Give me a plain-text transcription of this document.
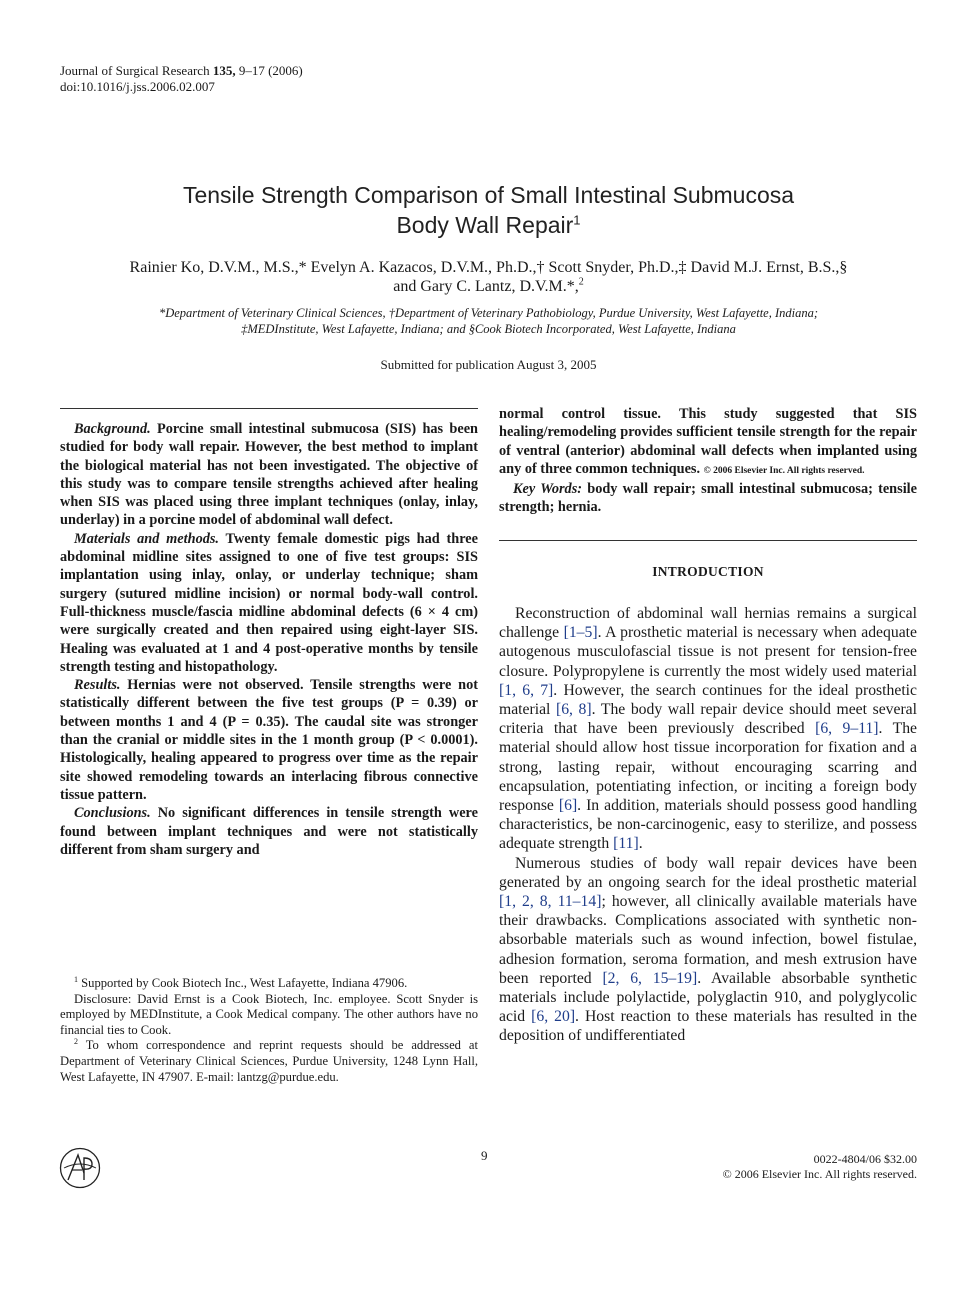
Journal of Surgical Research 135, 9–17 (2006)
doi:10.1016/j.jss.2006.02.007
Tensile Strength Comparison of Small Intestinal Submucosa
Body Wall Repair$^1$
Rainier Ko, D.V.M., M.S.,* Evelyn A. Kazacos, D.V.M., Ph.D.,† Scott Snyder, Ph.D.,‡ David M.J. Ernst, B.S.,§
and Gary C. Lantz, D.V.M.*,$^2$
*Department of Veterinary Clinical Sciences, †Department of Veterinary Pathobiology, Purdue University, West Lafayette, Indiana;
‡MEDInstitute, West Lafayette, Indiana; and §Cook Biotech Incorporated, West Lafayette, Indiana
Submitted for publication August 3, 2005

Background. Porcine small intestinal submucosa (SIS) has been studied for body wall repair. However, the best method to implant the biological material has not been investigated. The objective of this study was to compare tensile strengths achieved after healing when SIS was placed using three implant techniques (onlay, inlay, underlay) in a porcine model of abdominal wall defect.

Materials and methods. Twenty female domestic pigs had three abdominal midline sites assigned to one of five test groups: SIS implantation using inlay, onlay, or underlay technique; sham surgery (sutured midline incision) or normal body-wall control. Full-thickness muscle/fascia midline abdominal defects (6 × 4 cm) were surgically created and then repaired using eight-layer SIS. Healing was evaluated at 1 and 4 post-operative months by tensile strength testing and histopathology.

Results. Hernias were not observed. Tensile strengths were not statistically different between the five test groups (P = 0.39) or between months 1 and 4 (P = 0.35). The caudal site was stronger than the cranial or middle sites in the 1 month group (P < 0.0001). Histologically, healing appeared to progress over time as the repair site showed remodeling towards an interlacing fibrous connective tissue pattern.

Conclusions. No significant differences in tensile strength were found between implant techniques and were not statistically different from sham surgery and

normal control tissue. This study suggested that SIS healing/remodeling provides sufficient tensile strength for the repair of ventral (anterior) abdominal wall defects when implanted using any of three common techniques. © 2006 Elsevier Inc. All rights reserved.

Key Words: body wall repair; small intestinal submucosa; tensile strength; hernia.

$^1$ Supported by Cook Biotech Inc., West Lafayette, Indiana 47906.

Disclosure: David Ernst is a Cook Biotech, Inc. employee. Scott Snyder is employed by MEDInstitute, a Cook Medical company. The other authors have no financial ties to Cook.

$^2$ To whom correspondence and reprint requests should be addressed at Department of Veterinary Clinical Sciences, Purdue University, 1248 Lynn Hall, West Lafayette, IN 47907. E-mail: lantzg@purdue.edu.

INTRODUCTION

Reconstruction of abdominal wall hernias remains a surgical challenge [1–5]. A prosthetic material is necessary when adequate autogenous musculofascial tissue is not present for tension-free closure. Polypropylene is currently the most widely used material [1, 6, 7]. However, the search continues for the ideal prosthetic material [6, 8]. The body wall repair device should meet several criteria that have been previously described [6, 9–11]. The material should allow host tissue incorporation for fixation and a strong, lasting repair, without encouraging scarring and encapsulation, potentiating infection, or inciting a foreign body response [6]. In addition, materials should possess good handling characteristics, be non-carcinogenic, easy to sterilize, and possess adequate strength [11].

Numerous studies of body wall repair devices have been generated by an ongoing search for the ideal prosthetic material [1, 2, 8, 11–14]; however, all clinically available materials have their drawbacks. Complications associated with synthetic non-absorbable materials such as wound infection, bowel fistulae, adhesion formation, seroma formation, and mesh extrusion have been reported [2, 6, 15–19]. Available absorbable synthetic materials include polylactide, polyglactin 910, and polyglycolic acid [6, 20]. Host reaction to these materials has resulted in the deposition of undifferentiated

AP
9	0022-4804/06 $32.00
© 2006 Elsevier Inc. All rights reserved.
